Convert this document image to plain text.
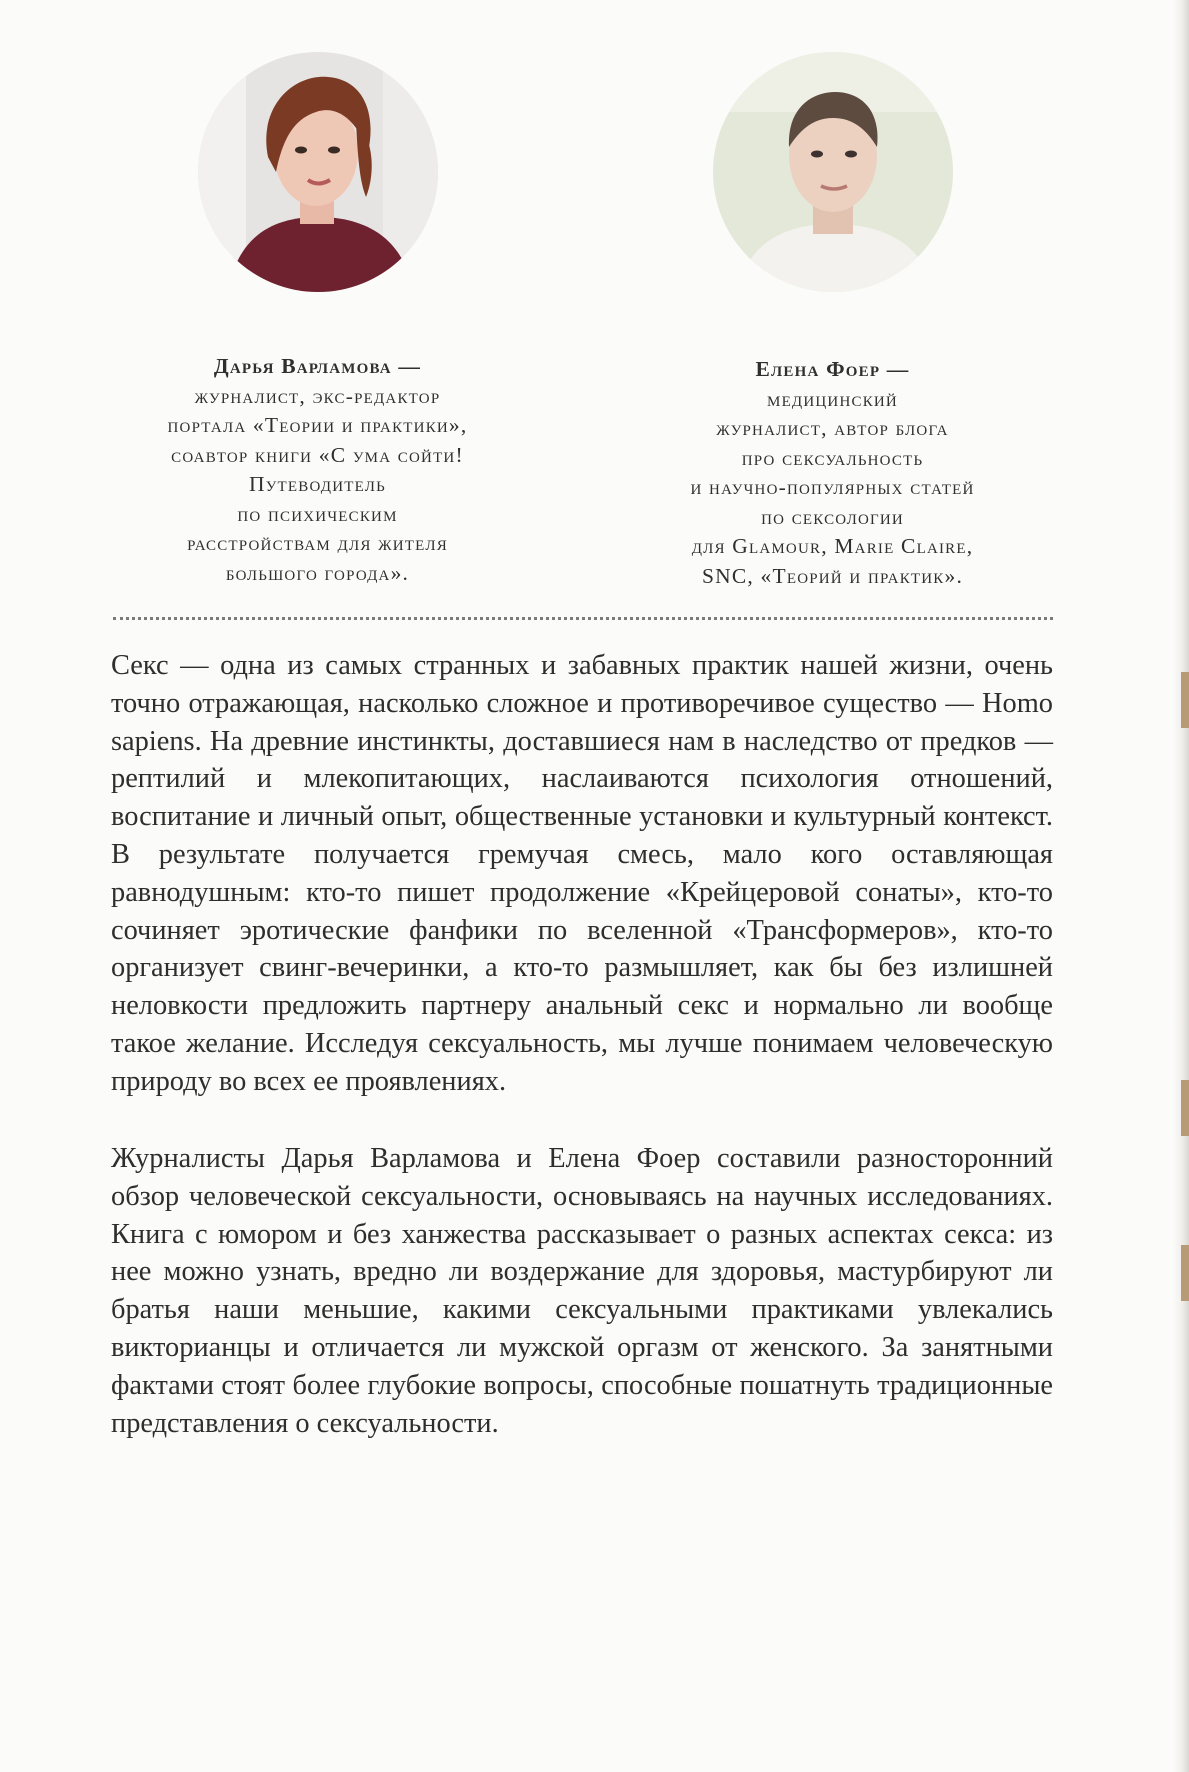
Дарья Варламова —
журналист, экс-редактор
портала «Теории и практики»,
соавтор книги «С ума сойти!
Путеводитель
по психическим
расстройствам для жителя
большого города».
Елена Фоер —
медицинский
журналист, автор блога
про сексуальность
и научно-популярных статей
по сексологии
для Glamour, Marie Claire,
SNC, «Теорий и практик».

Секс — одна из самых странных и забавных практик нашей жизни, очень точно отражающая, насколько сложное и противоречивое существо — Homo sapiens. На древние инстинкты, доставшиеся нам в наследство от предков — рептилий и млекопитающих, наслаиваются психология отношений, воспитание и личный опыт, общественные установки и культурный контекст. В результате получается гремучая смесь, мало кого оставляющая равнодушным: кто-то пишет продолжение «Крейцеровой сонаты», кто-то сочиняет эротические фанфики по вселенной «Трансформеров», кто-то организует свинг-вечеринки, а кто-то размышляет, как бы без излишней неловкости предложить партнеру анальный секс и нормально ли вообще такое желание. Исследуя сексуальность, мы лучше понимаем человеческую природу во всех ее проявлениях.

Журналисты Дарья Варламова и Елена Фоер составили разносторонний обзор человеческой сексуальности, основываясь на научных исследованиях. Книга с юмором и без ханжества рассказывает о разных аспектах секса: из нее можно узнать, вредно ли воздержание для здоровья, мастурбируют ли братья наши меньшие, какими сексуальными практиками увлекались викторианцы и отличается ли мужской оргазм от женского. За занятными фактами стоят более глубокие вопросы, способные пошатнуть традиционные представления о сексуальности.
